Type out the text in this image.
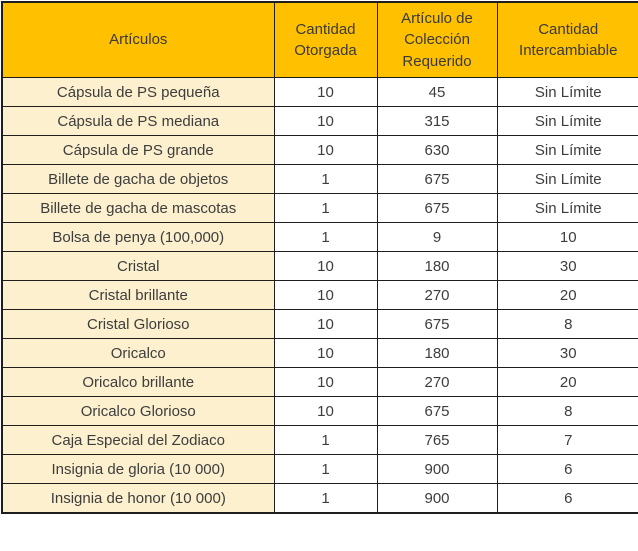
Artículos	Cantidad Otorgada	Artículo de Colección Requerido	Cantidad Intercambiable
Cápsula de PS pequeña	10	45	Sin Límite
Cápsula de PS mediana	10	315	Sin Límite
Cápsula de PS grande	10	630	Sin Límite
Billete de gacha de objetos	1	675	Sin Límite
Billete de gacha de mascotas	1	675	Sin Límite
Bolsa de penya (100,000)	1	9	10
Cristal	10	180	30
Cristal brillante	10	270	20
Cristal Glorioso	10	675	8
Oricalco	10	180	30
Oricalco brillante	10	270	20
Oricalco Glorioso	10	675	8
Caja Especial del Zodiaco	1	765	7
Insignia de gloria (10 000)	1	900	6
Insignia de honor (10 000)	1	900	6
